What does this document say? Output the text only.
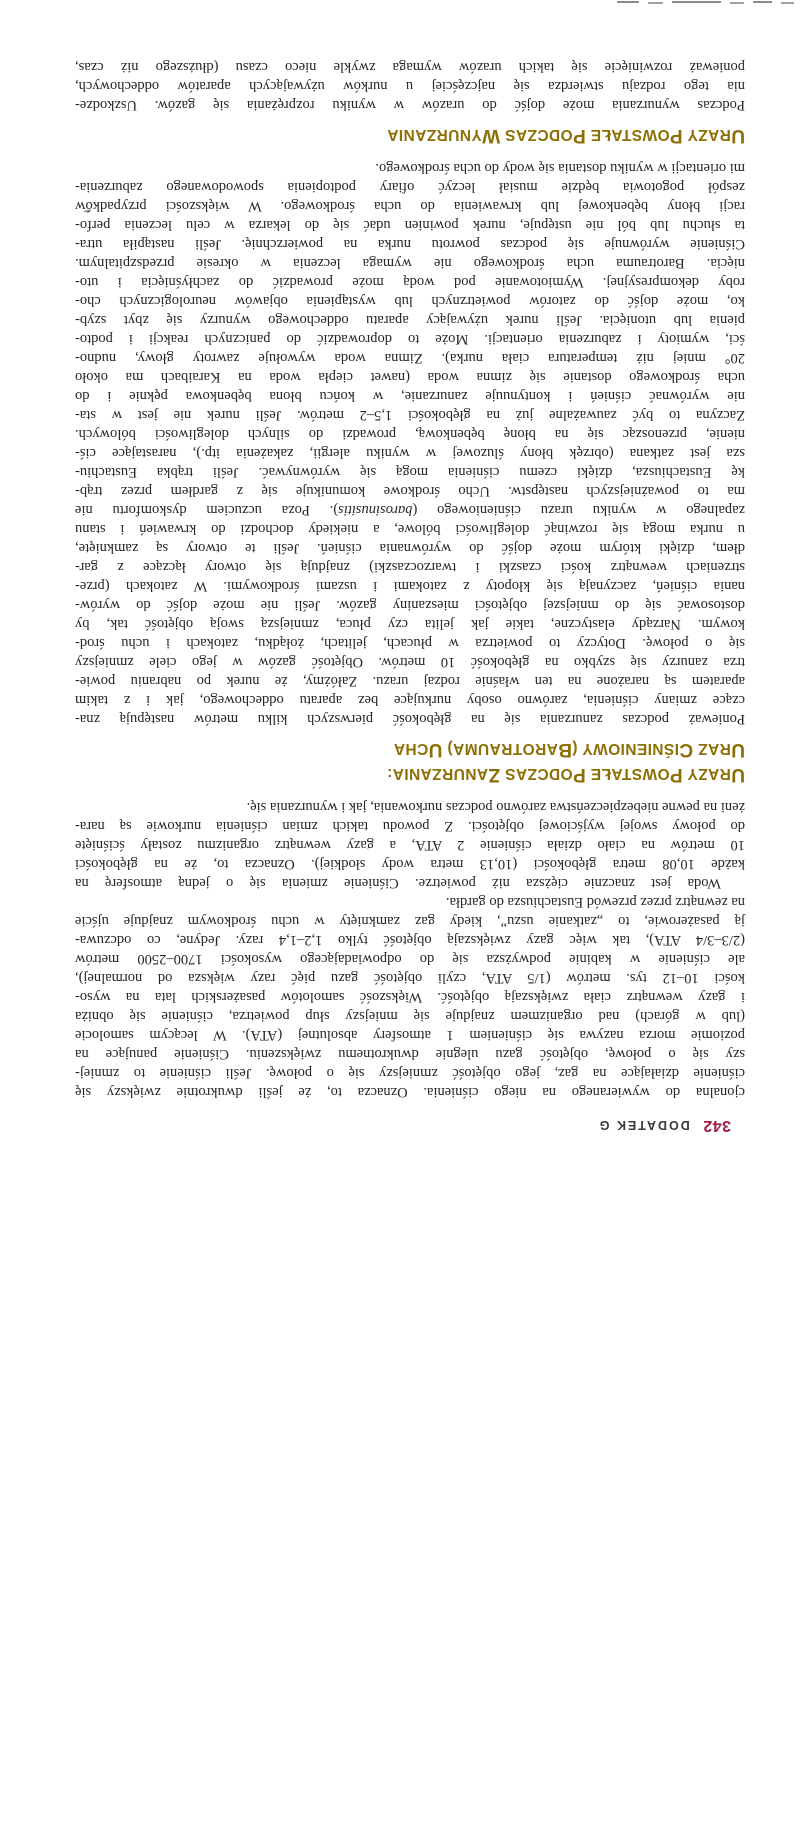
342DODATEK G
cjonalna do wywieranego na niego ciśnienia. Oznacza to, że jeśli dwukrotnie zwiększy się
ciśnienie działające na gaz, jego objętość zmniejszy się o połowę. Jeśli ciśnienie to zmniej-
szy się o połowę, objętość gazu ulegnie dwukrotnemu zwiększeniu. Ciśnienie panujące na
poziomie morza nazywa się ciśnieniem 1 atmosfery absolutnej (ATA). W lecącym samolocie
(lub w górach) nad organizmem znajduje się mniejszy słup powietrza, ciśnienie się obniża
i gazy wewnątrz ciała zwiększają objętość. Większość samolotów pasażerskich lata na wyso-
kości 10–12 tys. metrów (1/5 ATA, czyli objętość gazu pięć razy większa od normalnej),
ale ciśnienie w kabinie podwyższa się do odpowiadającego wysokości 1700–2500 metrów
(2/3–3/4 ATA), tak więc gazy zwiększają objętość tylko 1,2–1,4 razy. Jedyne, co odczuwa-
ją pasażerowie, to „zatkanie uszu”, kiedy gaz zamknięty w uchu środkowym znajduje ujście
na zewnątrz przez przewód Eustachiusza do gardła.
Woda jest znacznie cięższa niż powietrze. Ciśnienie zmienia się o jedną atmosferę na
każde 10,08 metra głębokości (10,13 metra wody słodkiej). Oznacza to, że na głębokości
10 metrów na ciało działa ciśnienie 2 ATA, a gazy wewnątrz organizmu zostały ściśnięte
do połowy swojej wyjściowej objętości. Z powodu takich zmian ciśnienia nurkowie są nara-
żeni na pewne niebezpieczeństwa zarówno podczas nurkowania, jak i wynurzania się.
URAZY POWSTAŁE PODCZAS ZANURZANIA:
URAZ CIŚNIENIOWY (BAROTRAUMA) UCHA
Ponieważ podczas zanurzania się na głębokość pierwszych kilku metrów następują zna-
czące zmiany ciśnienia, zarówno osoby nurkujące bez aparatu oddechowego, jak i z takim
aparatem są narażone na ten właśnie rodzaj urazu. Załóżmy, że nurek po nabraniu powie-
trza zanurzy się szybko na głębokość 10 metrów. Objętość gazów w jego ciele zmniejszy
się o połowę. Dotyczy to powietrza w płucach, jelitach, żołądku, zatokach i uchu środ-
kowym. Narządy elastyczne, takie jak jelita czy płuca, zmniejszą swoją objętość tak, by
dostosować się do mniejszej objętości mieszaniny gazów. Jeśli nie może dojść do wyrów-
nania ciśnień, zaczynają się kłopoty z zatokami i uszami środkowymi. W zatokach (prze-
strzeniach wewnątrz kości czaszki i twarzoczaszki) znajdują się otwory łączące z gar-
dłem, dzięki którym może dojść do wyrównania ciśnień. Jeśli te otwory są zamknięte,
u nurka mogą się rozwinąć dolegliwości bólowe, a niekiedy dochodzi do krwawień i stanu
zapalnego w wyniku urazu ciśnieniowego (barosinusitis). Poza uczuciem dyskomfortu nie
ma to poważniejszych następstw. Ucho środkowe komunikuje się z gardłem przez trąb-
kę Eustachiusza, dzięki czemu ciśnienia mogą się wyrównywać. Jeśli trąbka Eustachiu-
sza jest zatkana (obrzęk błony śluzowej w wyniku alergii, zakażenia itp.), narastające ciś-
nienie, przenosząc się na błonę bębenkową, prowadzi do silnych dolegliwości bólowych.
Zaczyna to być zauważalne już na głębokości 1,5–2 metrów. Jeśli nurek nie jest w sta-
nie wyrównać ciśnień i kontynuuje zanurzanie, w końcu błona bębenkowa pęknie i do
ucha środkowego dostanie się zimna woda (nawet ciepła woda na Karaibach ma około
20° mniej niż temperatura ciała nurka). Zimna woda wywołuje zawroty głowy, nudno-
ści, wymioty i zaburzenia orientacji. Może to doprowadzić do panicznych reakcji i podto-
pienia lub utonięcia. Jeśli nurek używający aparatu oddechowego wynurzy się zbyt szyb-
ko, może dojść do zatorów powietrznych lub wystąpienia objawów neurologicznych cho-
roby dekompresyjnej. Wymiotowanie pod wodą może prowadzić do zachłyśnięcia i uto-
nięcia. Barotrauma ucha środkowego nie wymaga leczenia w okresie przedszpitalnym.
Ciśnienie wyrównuje się podczas powrotu nurka na powierzchnię. Jeśli nastąpiła utra-
ta słuchu lub ból nie ustępuje, nurek powinien udać się do lekarza w celu leczenia perfo-
racji błony bębenkowej lub krwawienia do ucha środkowego. W większości przypadków
zespół pogotowia będzie musiał leczyć ofiary podtopienia spowodowanego zaburzenia-
mi orientacji w wyniku dostania się wody do ucha środkowego.
URAZY POWSTAŁE PODCZAS WYNURZANIA
Podczas wynurzania może dojść do urazów w wyniku rozprężania się gazów. Uszkodze-
nia tego rodzaju stwierdza się najczęściej u nurków używających aparatów oddechowych,
ponieważ rozwinięcie się takich urazów wymaga zwykle nieco czasu (dłuższego niż czas,
